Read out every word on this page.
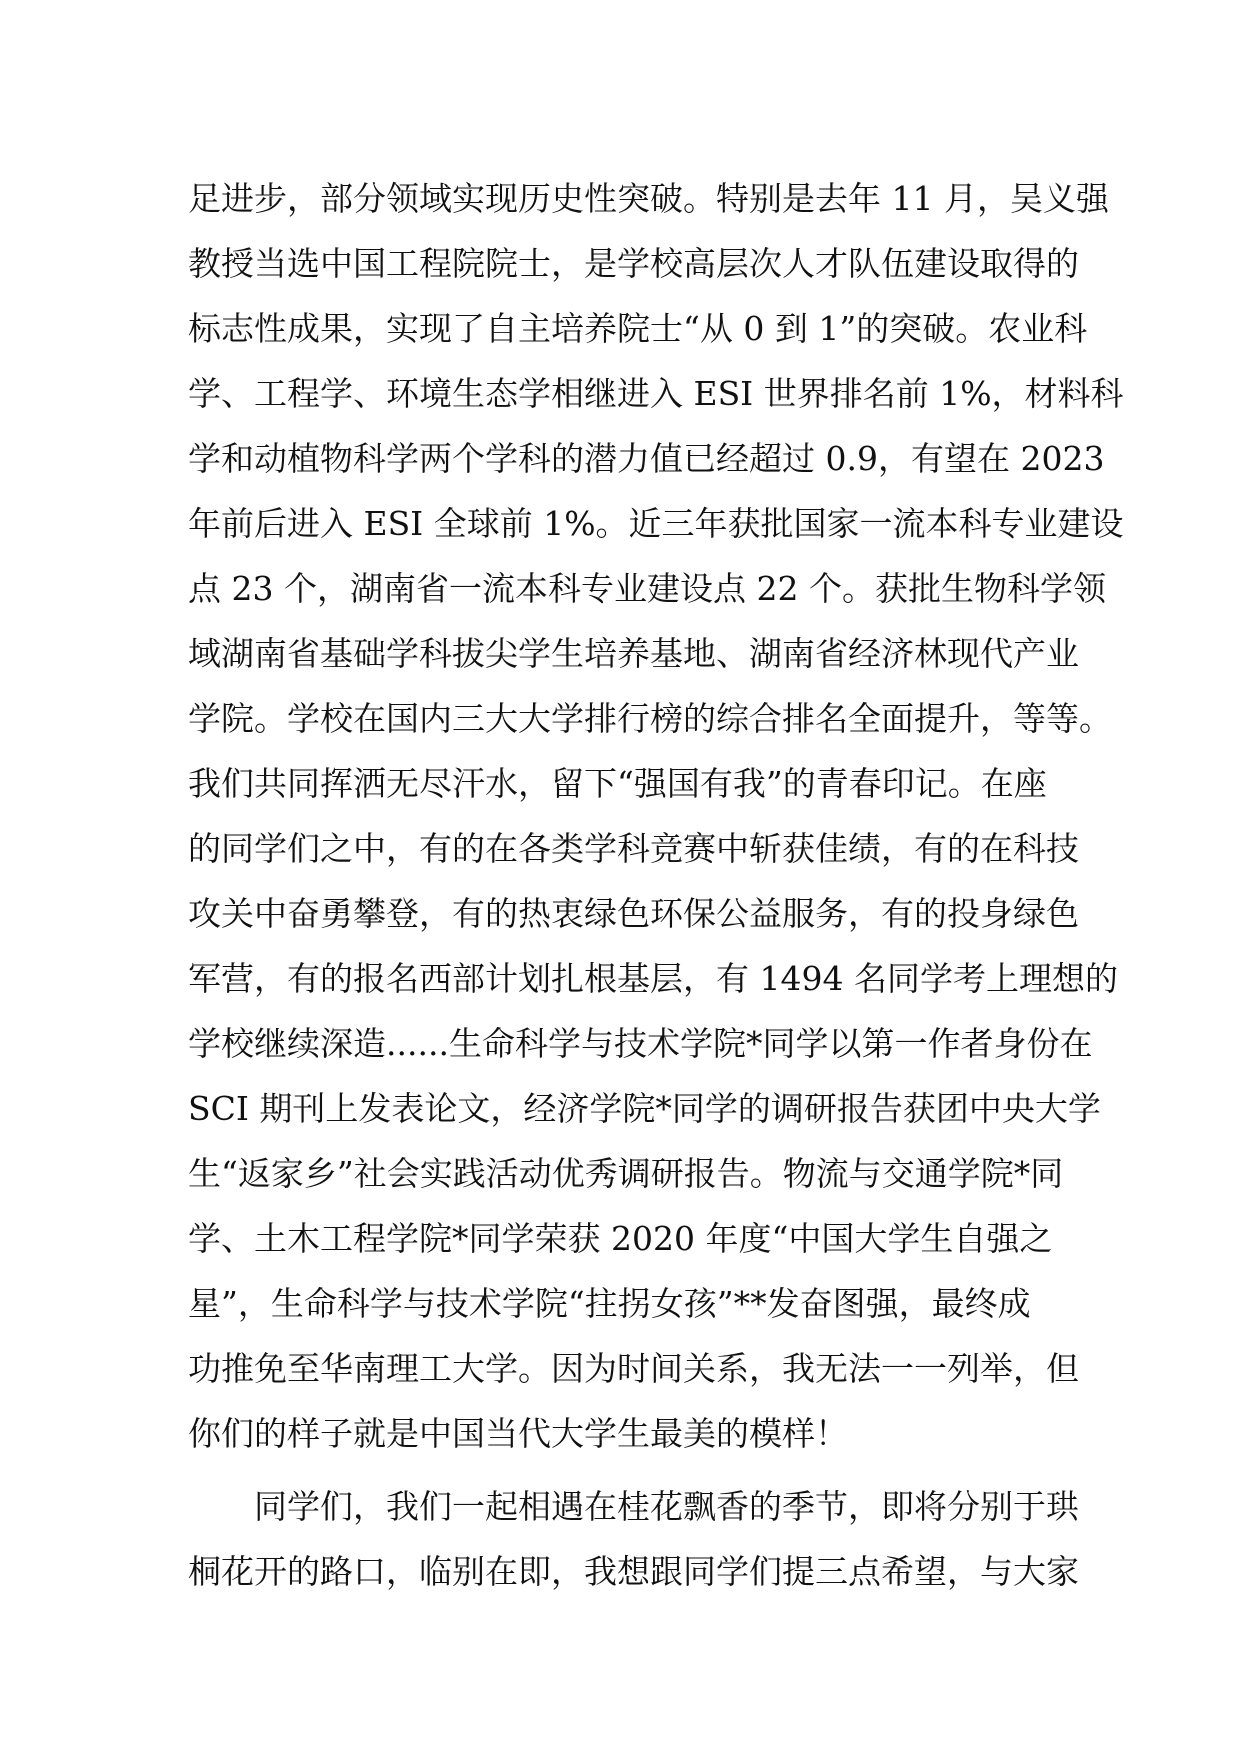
足进步，部分领域实现历史性突破。特别是去年 11 月，吴义强
教授当选中国工程院院士，是学校高层次人才队伍建设取得的
标志性成果，实现了自主培养院士“从 0 到 1”的突破。农业科
学、工程学、环境生态学相继进入 ESI 世界排名前 1%，材料科
学和动植物科学两个学科的潜力值已经超过 0.9，有望在 2023
年前后进入 ESI 全球前 1%。近三年获批国家一流本科专业建设
点 23 个，湖南省一流本科专业建设点 22 个。获批生物科学领
域湖南省基础学科拔尖学生培养基地、湖南省经济林现代产业
学院。学校在国内三大大学排行榜的综合排名全面提升，等等。
我们共同挥洒无尽汗水，留下“强国有我”的青春印记。在座
的同学们之中，有的在各类学科竞赛中斩获佳绩，有的在科技
攻关中奋勇攀登，有的热衷绿色环保公益服务，有的投身绿色
军营，有的报名西部计划扎根基层，有 1494 名同学考上理想的
学校继续深造......生命科学与技术学院*同学以第一作者身份在
SCI 期刊上发表论文，经济学院*同学的调研报告获团中央大学
生“返家乡”社会实践活动优秀调研报告。物流与交通学院*同
学、土木工程学院*同学荣获 2020 年度“中国大学生自强之
星”，生命科学与技术学院“拄拐女孩”**发奋图强，最终成
功推免至华南理工大学。因为时间关系，我无法一一列举，但
你们的样子就是中国当代大学生最美的模样！
同学们，我们一起相遇在桂花飘香的季节，即将分别于珙
桐花开的路口，临别在即，我想跟同学们提三点希望，与大家
